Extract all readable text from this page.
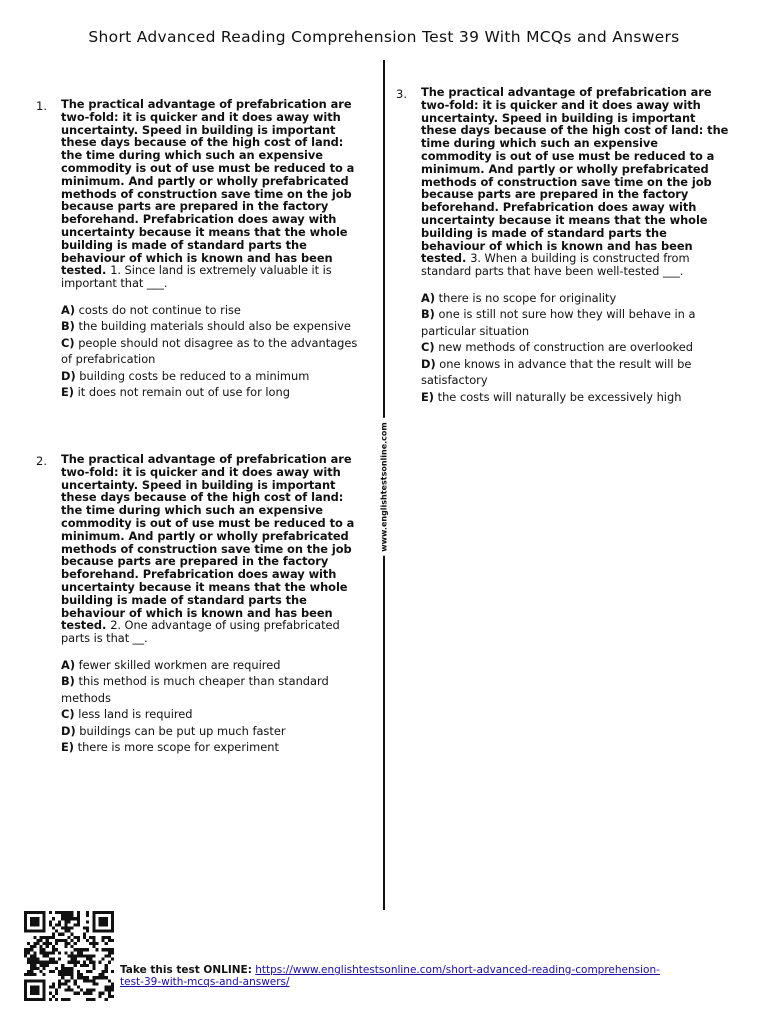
Short Advanced Reading Comprehension Test 39 With MCQs and Answers
www.englishtestsonline.com
1. The practical advantage of prefabrication are two-fold: it is quicker and it does away with uncertainty. Speed in building is important these days because of the high cost of land: the time during which such an expensive commodity is out of use must be reduced to a minimum. And partly or wholly prefabricated methods of construction save time on the job because parts are prepared in the factory beforehand. Prefabrication does away with uncertainty because it means that the whole building is made of standard parts the behaviour of which is known and has been tested. 1. Since land is extremely valuable it is important that ___.

A) costs do not continue to rise

B) the building materials should also be expensive

C) people should not disagree as to the advantages of prefabrication

D) building costs be reduced to a minimum

E) it does not remain out of use for long

2. The practical advantage of prefabrication are two-fold: it is quicker and it does away with uncertainty. Speed in building is important these days because of the high cost of land: the time during which such an expensive commodity is out of use must be reduced to a minimum. And partly or wholly prefabricated methods of construction save time on the job because parts are prepared in the factory beforehand. Prefabrication does away with uncertainty because it means that the whole building is made of standard parts the behaviour of which is known and has been tested. 2. One advantage of using prefabricated parts is that __.

A) fewer skilled workmen are required

B) this method is much cheaper than standard methods

C) less land is required

D) buildings can be put up much faster

E) there is more scope for experiment

3. The practical advantage of prefabrication are two-fold: it is quicker and it does away with uncertainty. Speed in building is important these days because of the high cost of land: the time during which such an expensive commodity is out of use must be reduced to a minimum. And partly or wholly prefabricated methods of construction save time on the job because parts are prepared in the factory beforehand. Prefabrication does away with uncertainty because it means that the whole building is made of standard parts the behaviour of which is known and has been tested. 3. When a building is constructed from standard parts that have been well-tested ___.

A) there is no scope for originality

B) one is still not sure how they will behave in a particular situation

C) new methods of construction are overlooked

D) one knows in advance that the result will be satisfactory

E) the costs will naturally be excessively high

Take this test ONLINE: https://www.englishtestsonline.com/short-advanced-reading-comprehension-test-39-with-mcqs-and-answers/
